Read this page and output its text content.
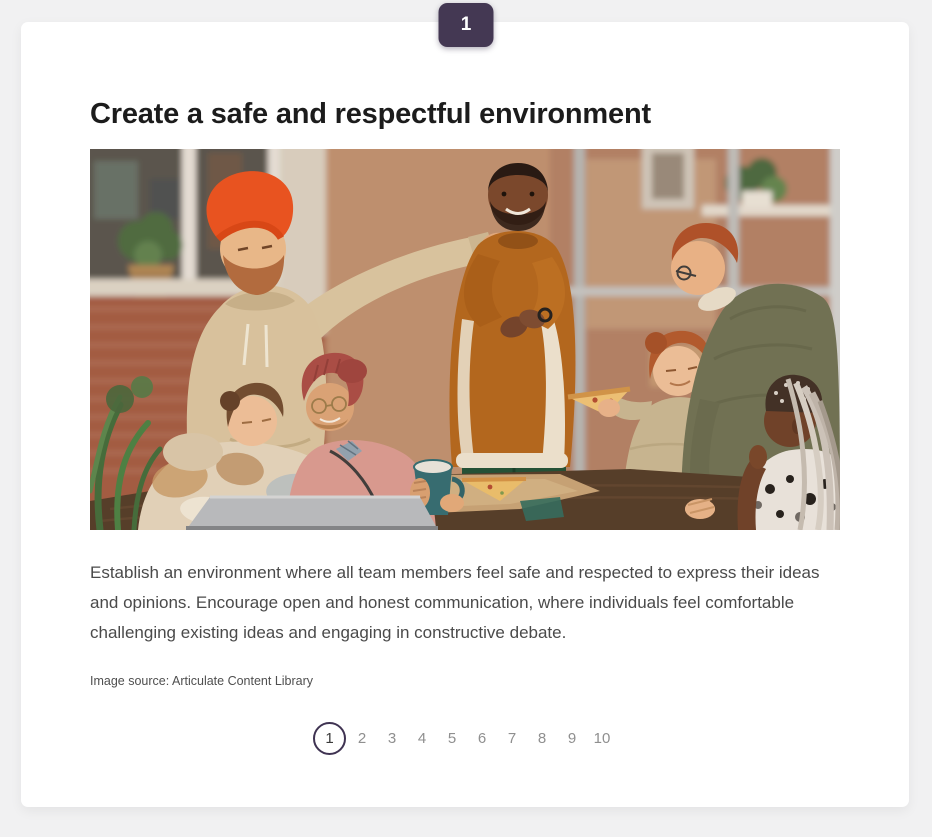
1
Create a safe and respectful environment

Establish an environment where all team members feel safe and respected to express their ideas and opinions. Encourage open and honest communication, where individuals feel comfortable challenging existing ideas and engaging in constructive debate.

Image source: Articulate Content Library

1	2	3	4	5	6	7	8	9	10
